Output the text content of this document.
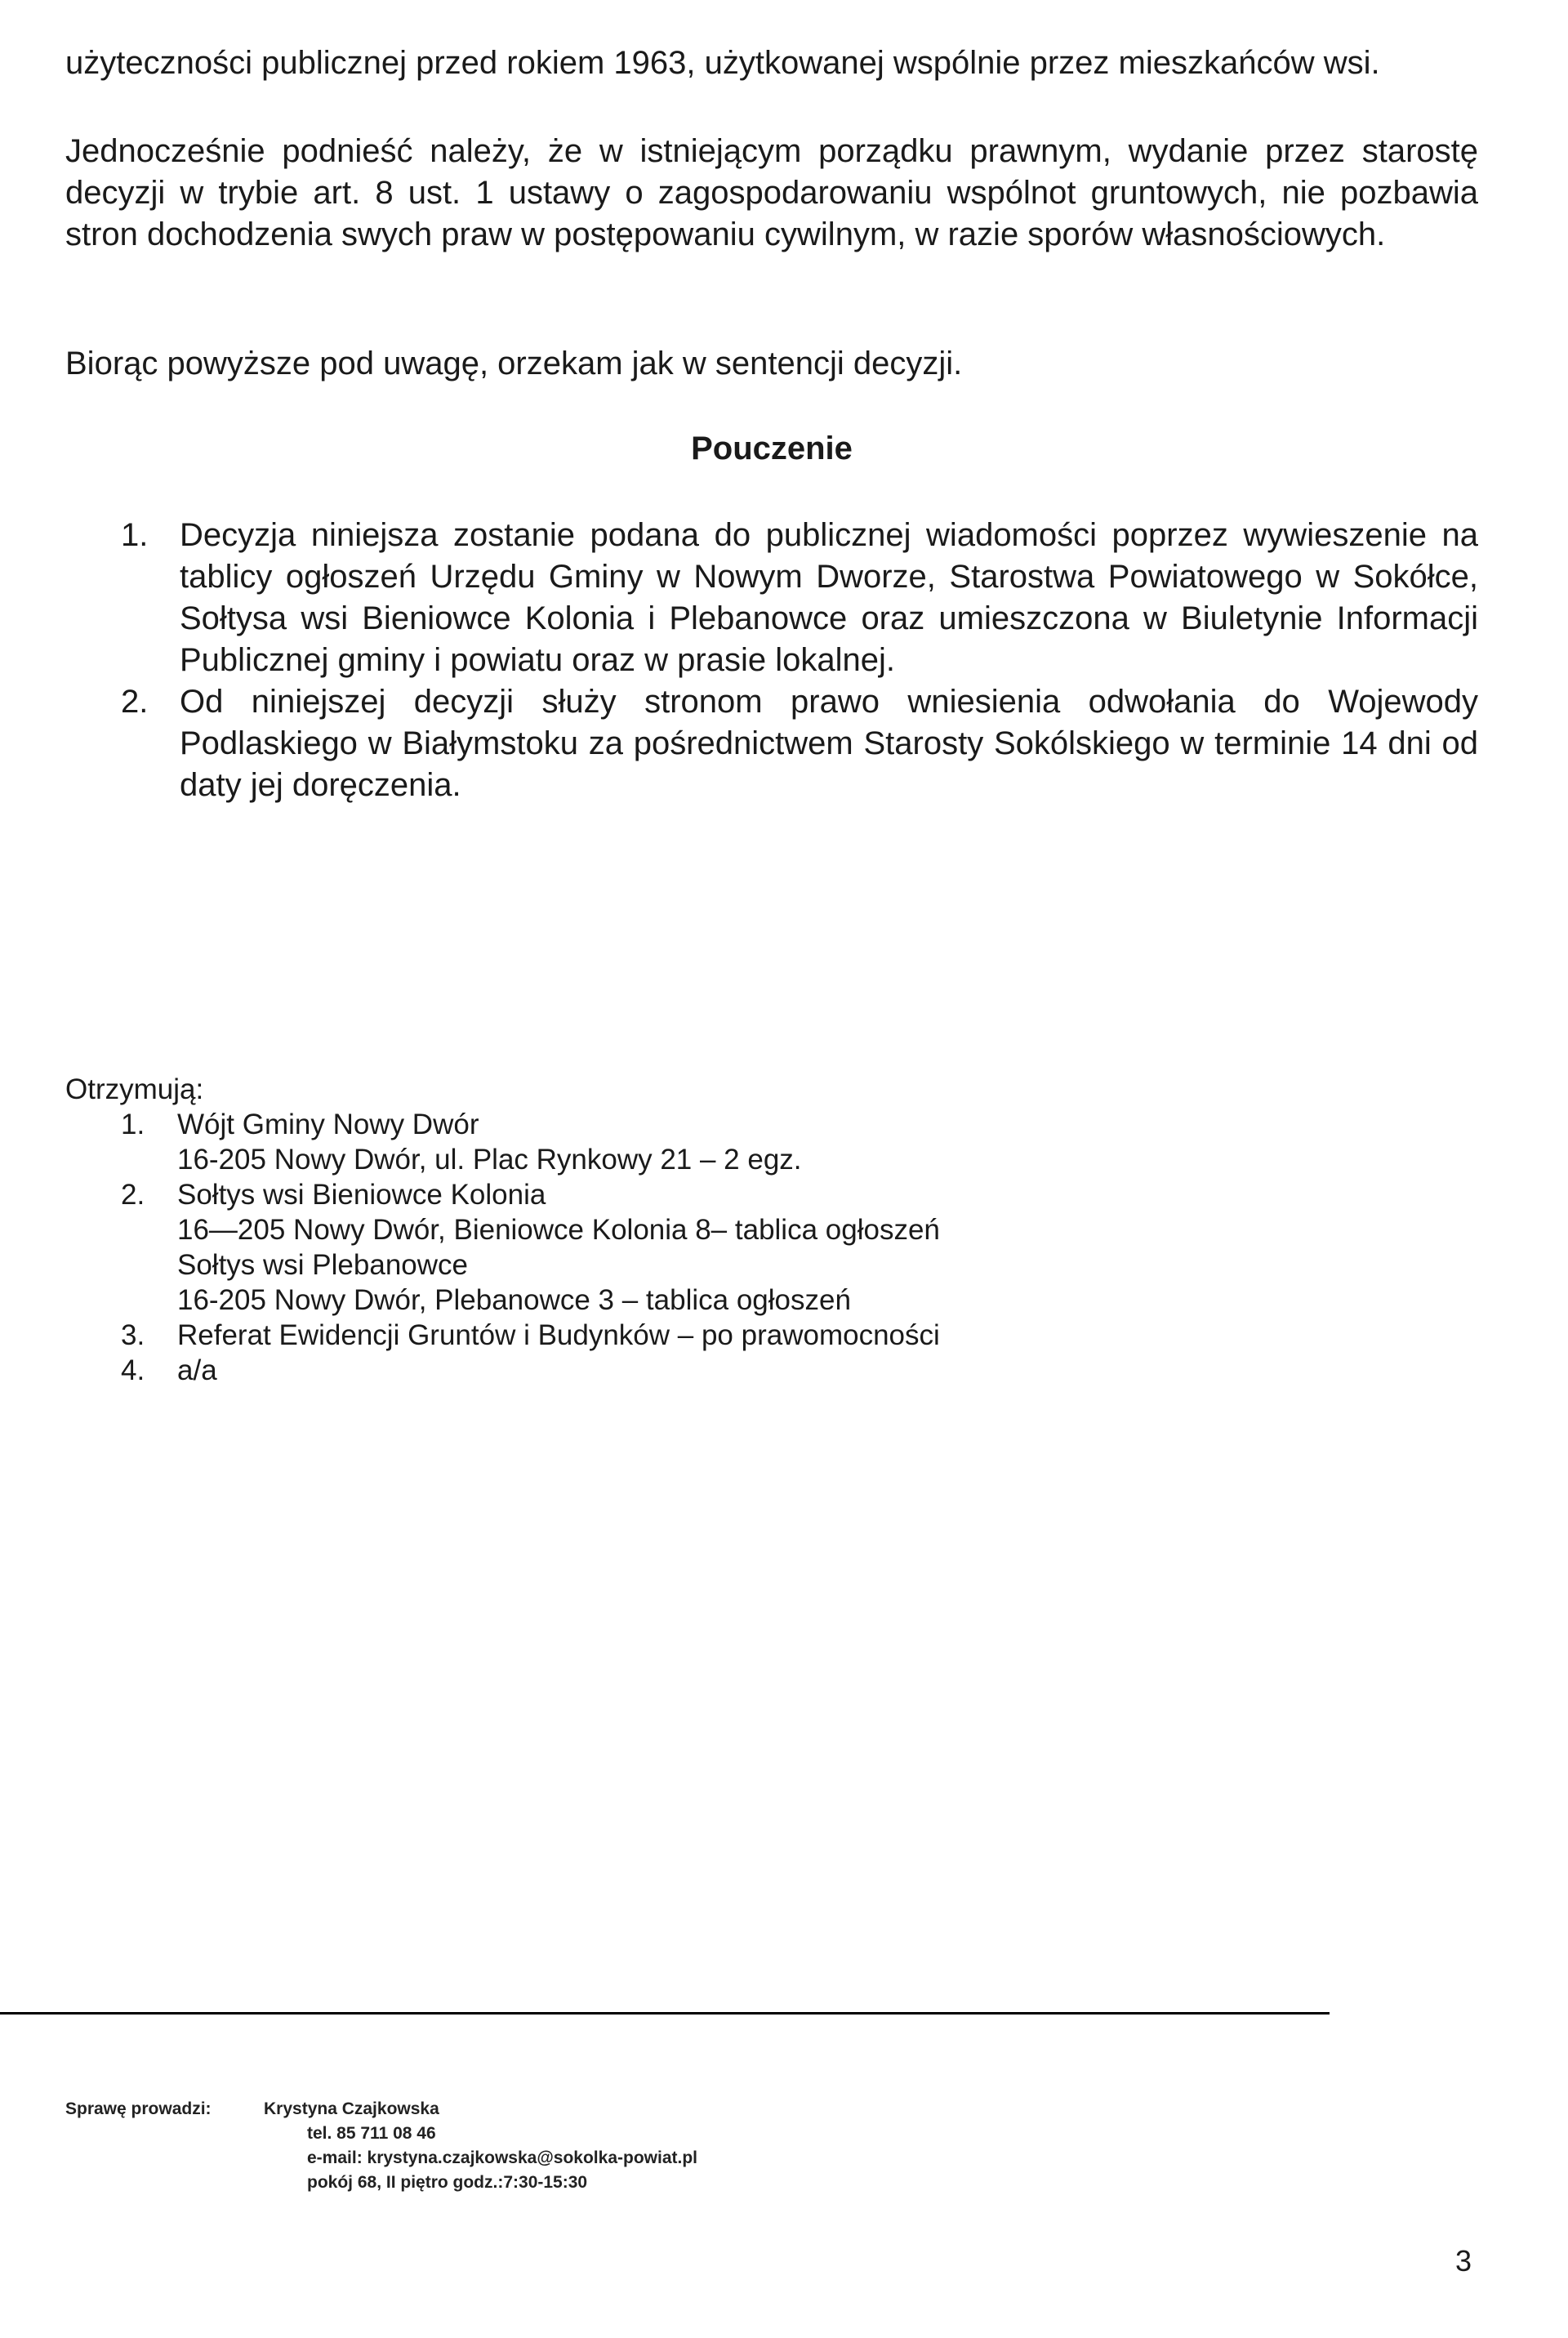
użyteczności publicznej przed rokiem 1963, użytkowanej wspólnie przez mieszkańców wsi.

Jednocześnie podnieść należy, że w istniejącym porządku prawnym, wydanie przez starostę decyzji w trybie art. 8 ust. 1 ustawy o zagospodarowaniu wspólnot gruntowych, nie pozbawia stron dochodzenia swych praw w postępowaniu cywilnym, w razie sporów własnościowych.

Biorąc powyższe pod uwagę, orzekam jak w sentencji decyzji.

Pouczenie
1. Decyzja niniejsza zostanie podana do publicznej wiadomości poprzez wywieszenie na tablicy ogłoszeń Urzędu Gminy w Nowym Dworze, Starostwa Powiatowego w Sokółce, Sołtysa wsi Bieniowce Kolonia i Plebanowce oraz umieszczona w Biuletynie Informacji Publicznej gminy i powiatu oraz w prasie lokalnej.
2. Od niniejszej decyzji służy stronom prawo wniesienia odwołania do Wojewody Podlaskiego w Białymstoku za pośrednictwem Starosty Sokólskiego w terminie 14 dni od daty jej doręczenia.

Otrzymują:

1. Wójt Gminy Nowy Dwór
16-205 Nowy Dwór, ul. Plac Rynkowy 21 – 2 egz.
2. Sołtys wsi Bieniowce Kolonia
16—205 Nowy Dwór, Bieniowce Kolonia 8– tablica ogłoszeń
Sołtys wsi Plebanowce
16-205 Nowy Dwór, Plebanowce 3 – tablica ogłoszeń
3. Referat Ewidencji Gruntów i Budynków – po prawomocności
4. a/a
Sprawę prowadzi:	Krystyna Czajkowska
tel. 85 711 08 46
e-mail: krystyna.czajkowska@sokolka-powiat.pl
pokój 68, II piętro godz.:7:30-15:30
3
